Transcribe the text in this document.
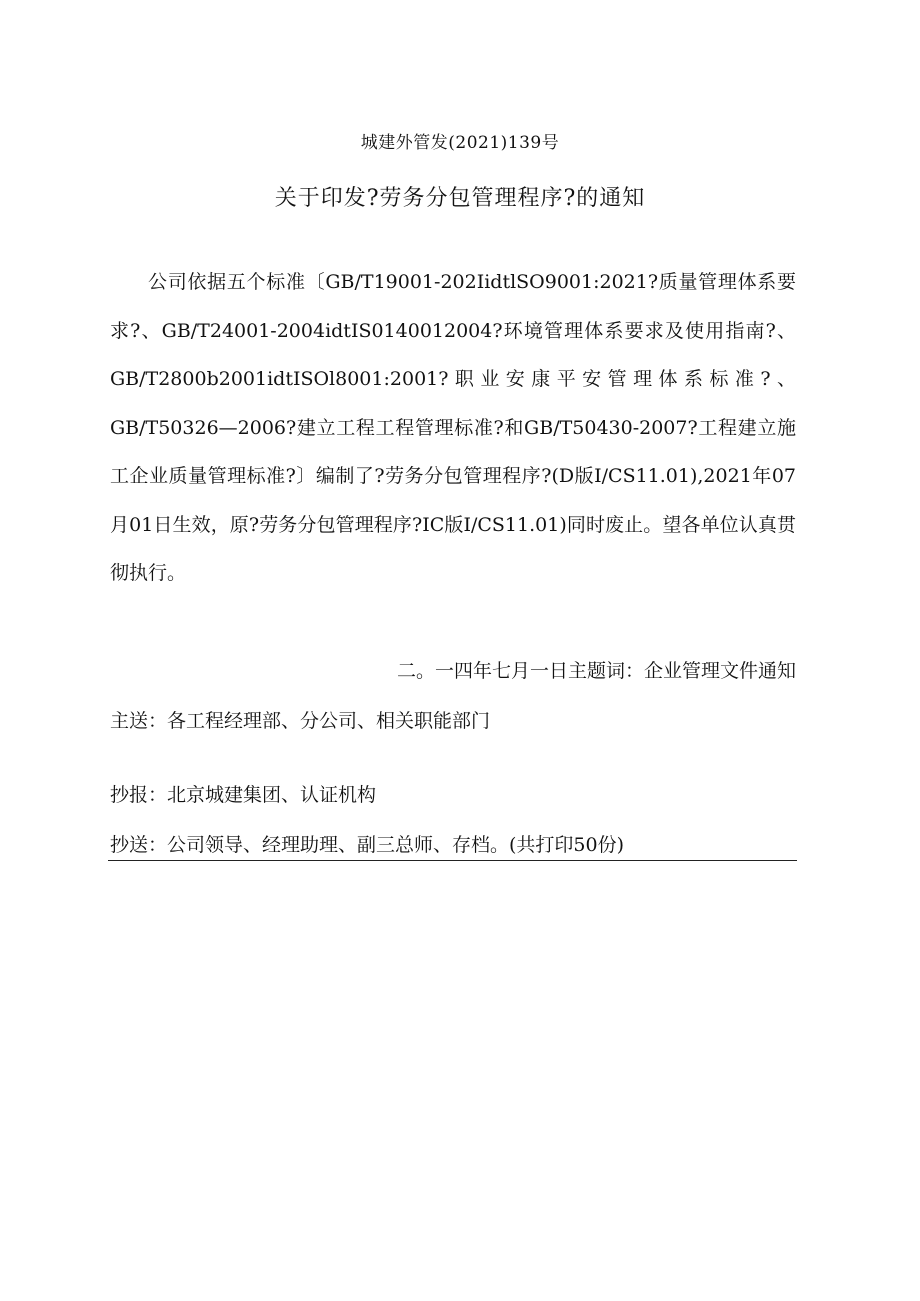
城建外管发(2021)139号
关于印发?劳务分包管理程序?的通知

公司依据五个标准〔GB/T19001-202IidtlSO9001:2021?质量管理体系要求?、GB/T24001-2004idtIS0140012004?环境管理体系要求及使用指南?、GB/T2800b2001idtISOl8001:2001?职业安康平安管理体系标准?、GB/T50326—2006?建立工程工程管理标准?和GB/T50430-2007?工程建立施工企业质量管理标准?〕编制了?劳务分包管理程序?(D版I/CS11.01),2021年07月01日生效，原?劳务分包管理程序?IC版I/CS11.01)同时废止。望各单位认真贯彻执行。

二。一四年七月一日主题词：企业管理文件通知
主送：各工程经理部、分公司、相关职能部门
抄报：北京城建集团、认证机构
抄送：公司领导、经理助理、副三总师、存档。(共打印50份)
